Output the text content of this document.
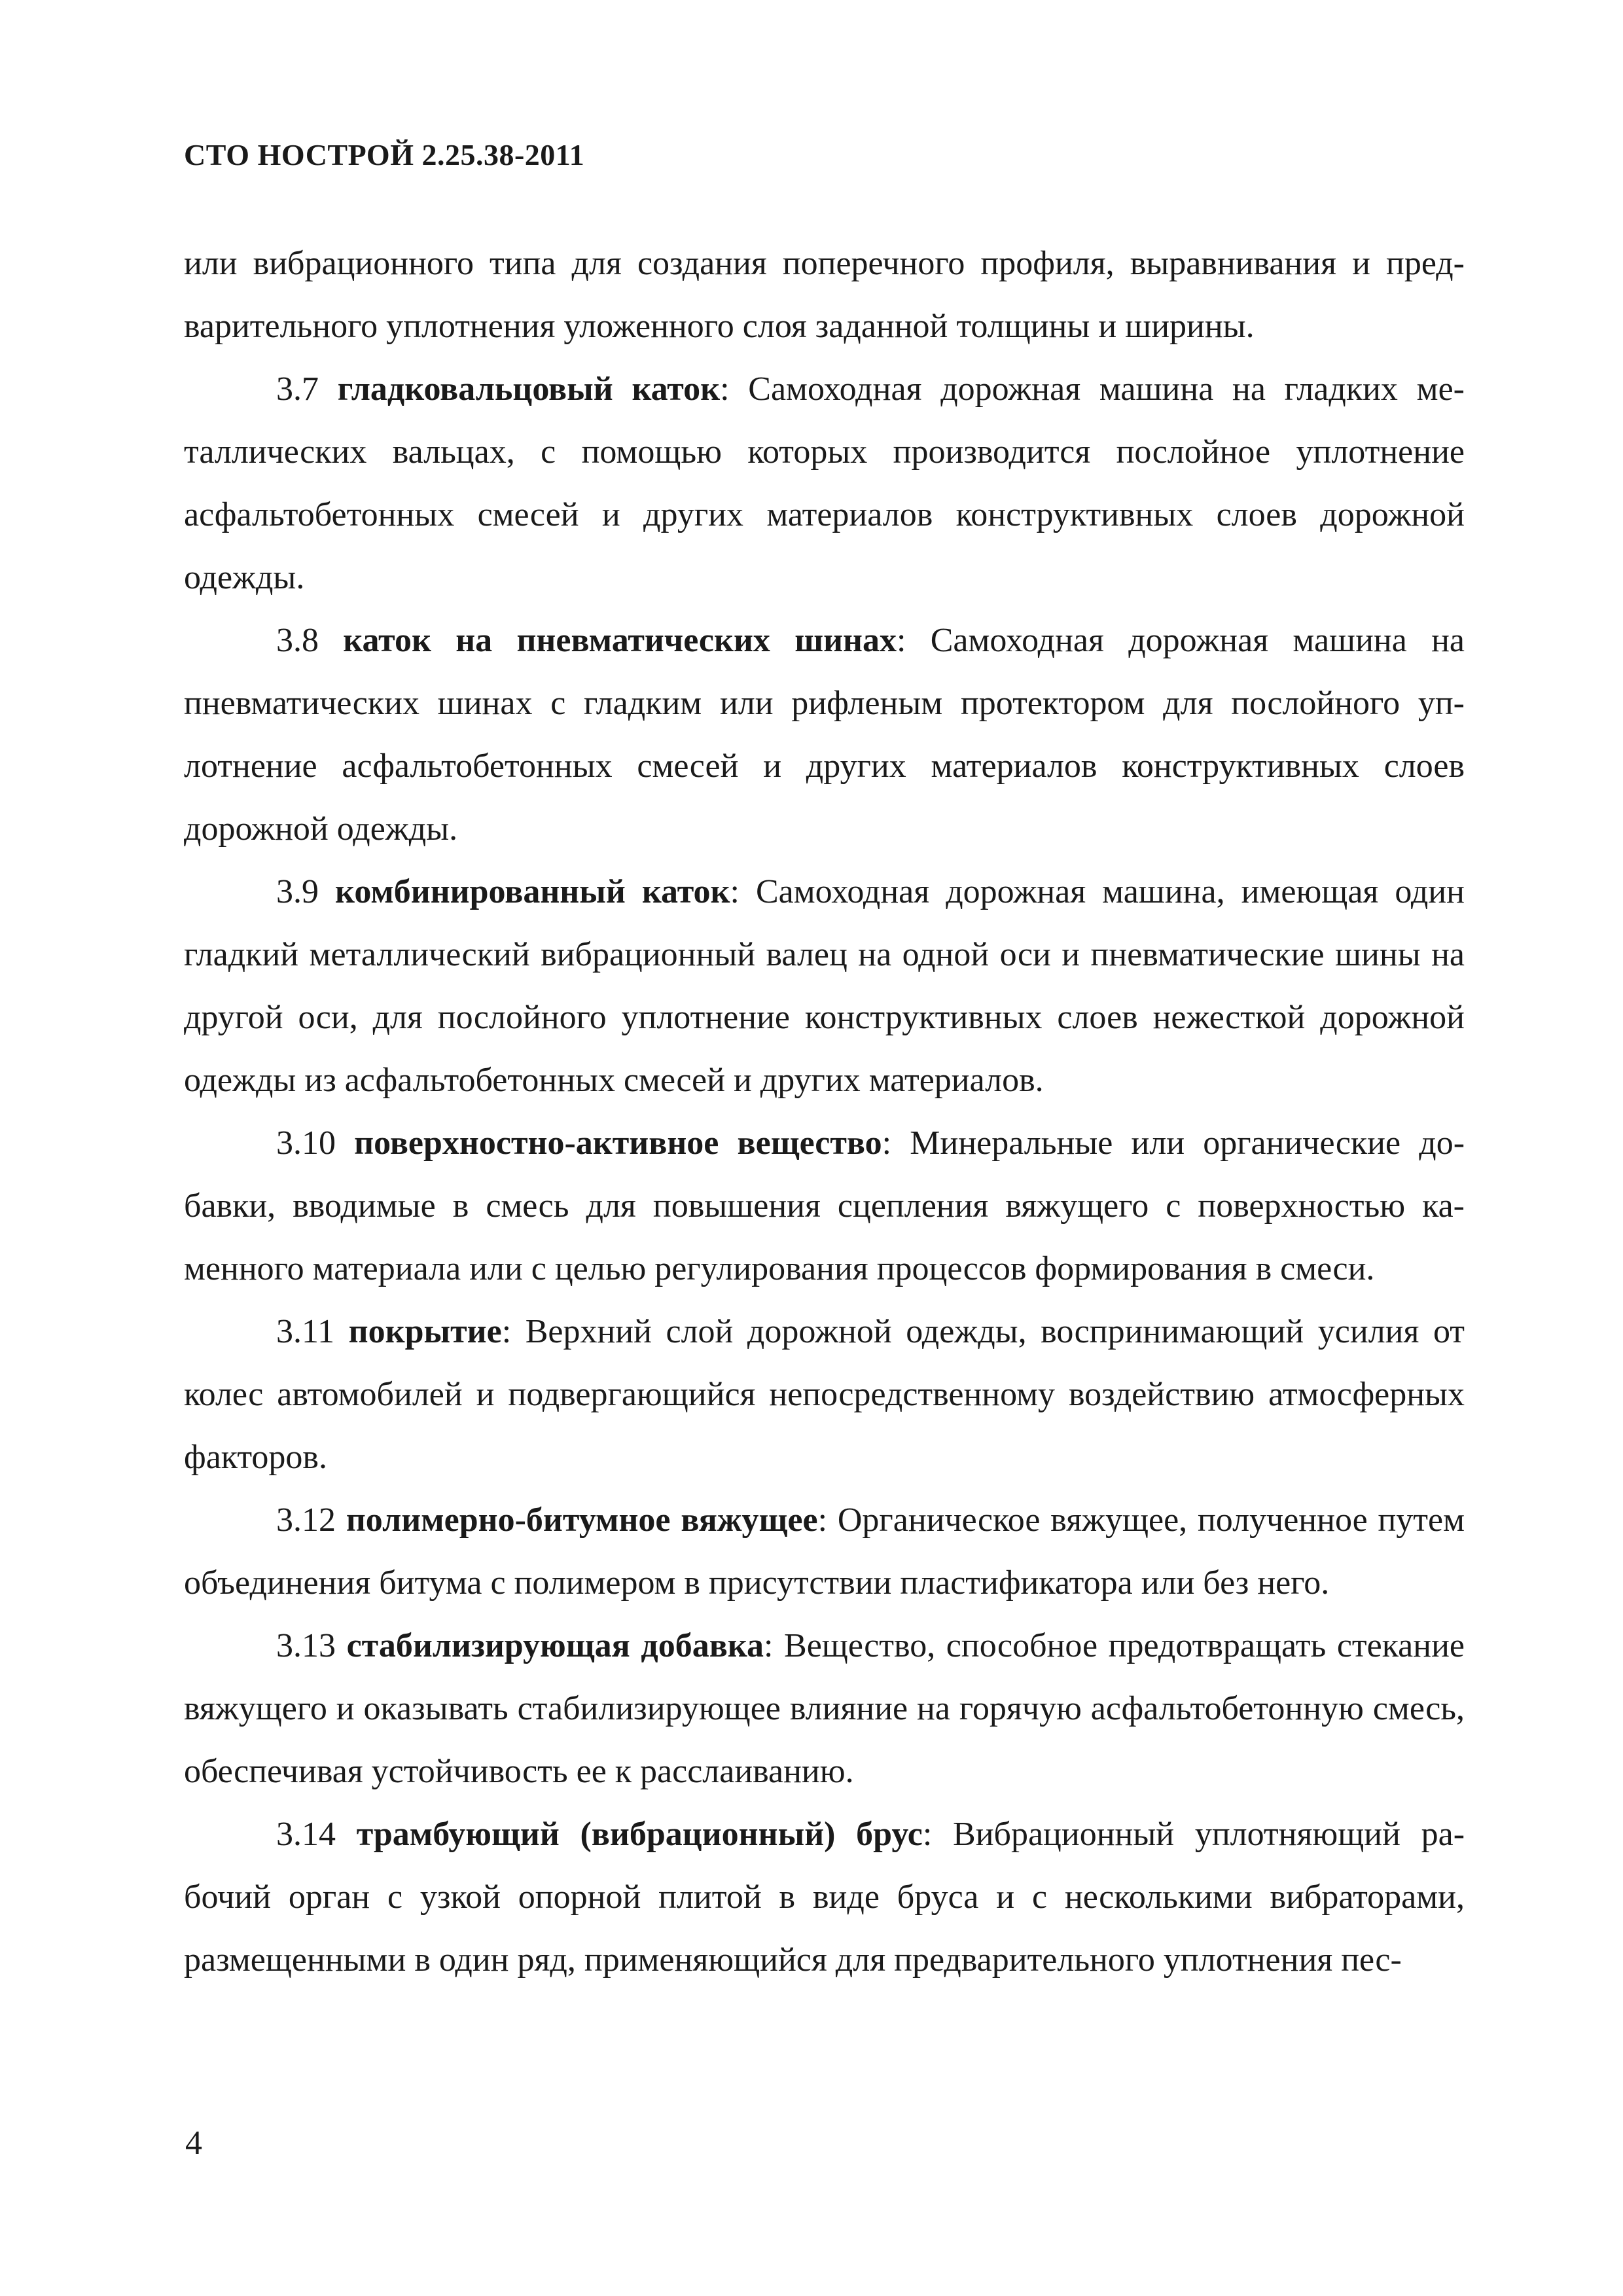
СТО НОСТРОЙ 2.25.38-2011

или вибрационного типа для создания поперечного профиля, выравнивания и предварительного уплотнения уложенного слоя заданной толщины и ширины.

3.7 гладковальцовый каток: Самоходная дорожная машина на гладких металлических вальцах, с помощью которых производится послойное уплотнение асфальтобетонных смесей и других материалов конструктивных слоев дорожной одежды.

3.8 каток на пневматических шинах: Самоходная дорожная машина на пневматических шинах с гладким или рифленым протектором для послойного уплотнение асфальтобетонных смесей и других материалов конструктивных слоев дорожной одежды.

3.9 комбинированный каток: Самоходная дорожная машина, имеющая один гладкий металлический вибрационный валец на одной оси и пневматические шины на другой оси, для послойного уплотнение конструктивных слоев нежесткой дорожной одежды из асфальтобетонных смесей и других материалов.

3.10 поверхностно-активное вещество: Минеральные или органические добавки, вводимые в смесь для повышения сцепления вяжущего с поверхностью каменного материала или с целью регулирования процессов формирования в смеси.

3.11 покрытие: Верхний слой дорожной одежды, воспринимающий усилия от колес автомобилей и подвергающийся непосредственному воздействию атмосферных факторов.

3.12 полимерно-битумное вяжущее: Органическое вяжущее, полученное путем объединения битума с полимером в присутствии пластификатора или без него.

3.13 стабилизирующая добавка: Вещество, способное предотвращать стекание вяжущего и оказывать стабилизирующее влияние на горячую асфальтобетонную смесь, обеспечивая устойчивость ее к расслаиванию.

3.14 трамбующий (вибрационный) брус: Вибрационный уплотняющий рабочий орган с узкой опорной плитой в виде бруса и с несколькими вибраторами, размещенными в один ряд, применяющийся для предварительного уплотнения пес-

4
